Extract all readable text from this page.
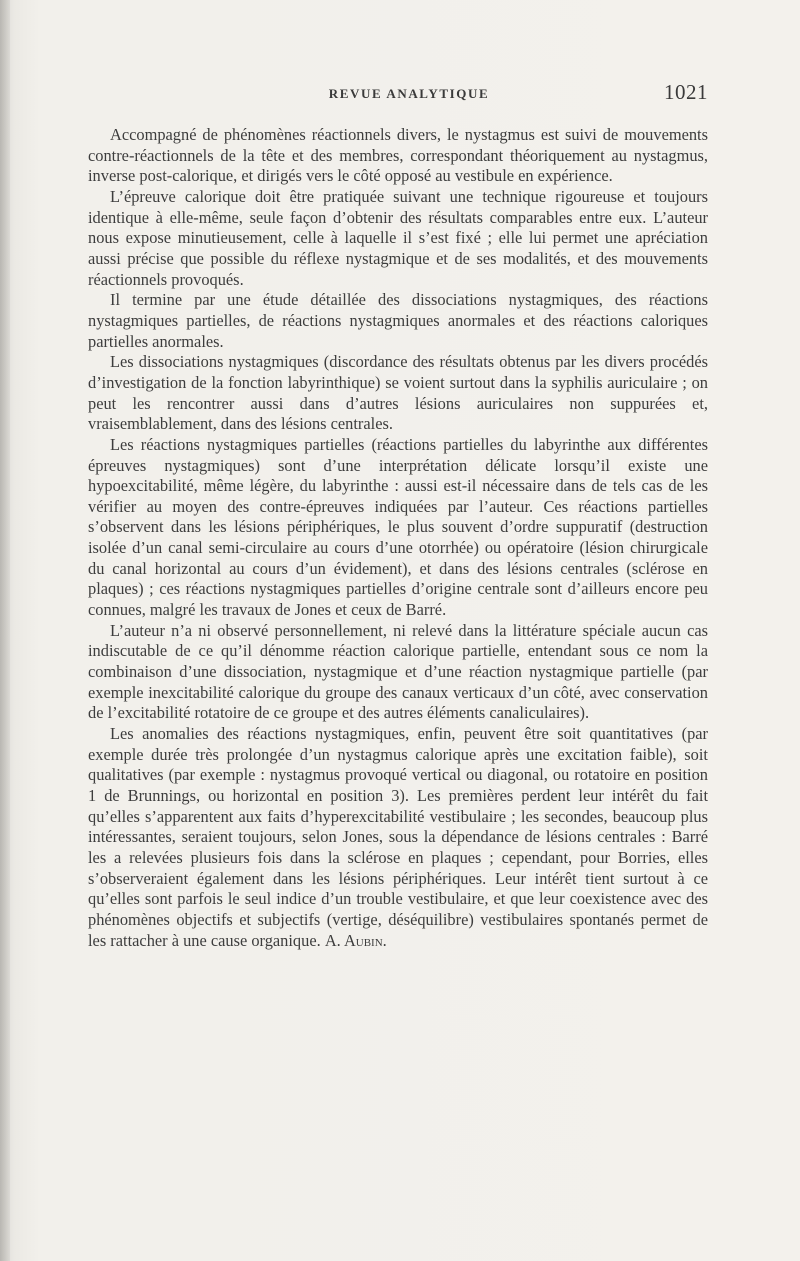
REVUE ANALYTIQUE	1021

Accompagné de phénomènes réactionnels divers, le nystagmus est suivi de mouvements contre-réactionnels de la tête et des membres, correspondant théoriquement au nystagmus, inverse post-calorique, et dirigés vers le côté opposé au vestibule en expérience.

L’épreuve calorique doit être pratiquée suivant une technique rigoureuse et toujours identique à elle-même, seule façon d’obtenir des résultats comparables entre eux. L’auteur nous expose minutieusement, celle à laquelle il s’est fixé ; elle lui permet une apréciation aussi précise que possible du réflexe nystagmique et de ses modalités, et des mouvements réactionnels provoqués.

Il termine par une étude détaillée des dissociations nystagmiques, des réactions nystagmiques partielles, de réactions nystagmiques anormales et des réactions caloriques partielles anormales.

Les dissociations nystagmiques (discordance des résultats obtenus par les divers procédés d’investigation de la fonction labyrinthique) se voient surtout dans la syphilis auriculaire ; on peut les rencontrer aussi dans d’autres lésions auriculaires non suppurées et, vraisemblablement, dans des lésions centrales.

Les réactions nystagmiques partielles (réactions partielles du labyrinthe aux différentes épreuves nystagmiques) sont d’une interprétation délicate lorsqu’il existe une hypoexcitabilité, même légère, du labyrinthe : aussi est-il nécessaire dans de tels cas de les vérifier au moyen des contre-épreuves indiquées par l’auteur. Ces réactions partielles s’observent dans les lésions périphériques, le plus souvent d’ordre suppuratif (destruction isolée d’un canal semi-circulaire au cours d’une otorrhée) ou opératoire (lésion chirurgicale du canal horizontal au cours d’un évidement), et dans des lésions centrales (sclérose en plaques) ; ces réactions nystagmiques partielles d’origine centrale sont d’ailleurs encore peu connues, malgré les travaux de Jones et ceux de Barré.

L’auteur n’a ni observé personnellement, ni relevé dans la littérature spéciale aucun cas indiscutable de ce qu’il dénomme réaction calorique partielle, entendant sous ce nom la combinaison d’une dissociation, nystagmique et d’une réaction nystagmique partielle (par exemple inexcitabilité calorique du groupe des canaux verticaux d’un côté, avec conservation de l’excitabilité rotatoire de ce groupe et des autres éléments canaliculaires).

Les anomalies des réactions nystagmiques, enfin, peuvent être soit quantitatives (par exemple durée très prolongée d’un nystagmus calorique après une excitation faible), soit qualitatives (par exemple : nystagmus provoqué vertical ou diagonal, ou rotatoire en position 1 de Brunnings, ou horizontal en position 3). Les premières perdent leur intérêt du fait qu’elles s’apparentent aux faits d’hyperexcitabilité vestibulaire ; les secondes, beaucoup plus intéressantes, seraient toujours, selon Jones, sous la dépendance de lésions centrales : Barré les a relevées plusieurs fois dans la sclérose en plaques ; cependant, pour Borries, elles s’observeraient également dans les lésions périphériques. Leur intérêt tient surtout à ce qu’elles sont parfois le seul indice d’un trouble vestibulaire, et que leur coexistence avec des phénomènes objectifs et subjectifs (vertige, déséquilibre) vestibulaires spontanés permet de les rattacher à une cause organique. A. Aubin.
